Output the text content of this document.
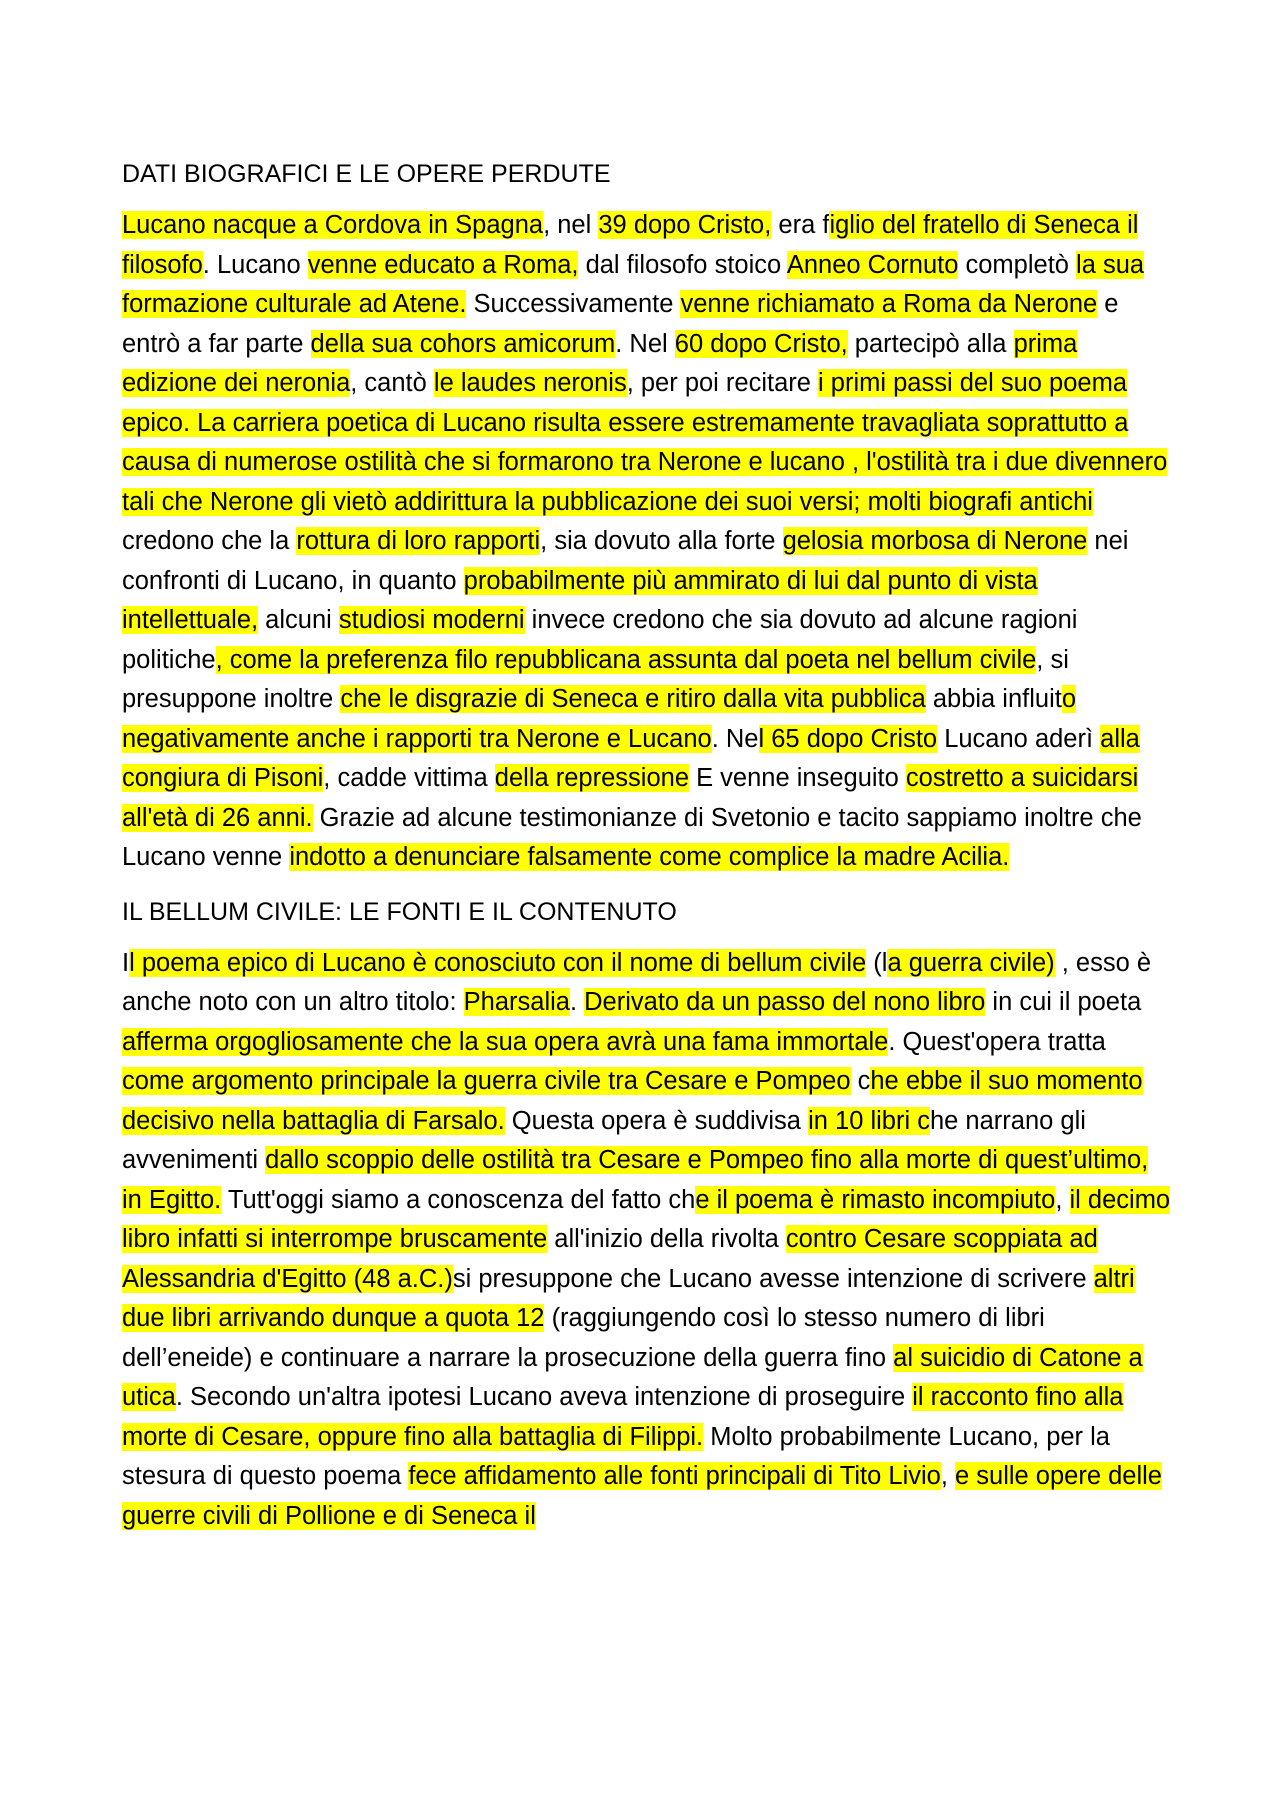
DATI BIOGRAFICI E LE OPERE PERDUTE

Lucano nacque a Cordova in Spagna, nel 39 dopo Cristo, era figlio del fratello di Seneca il filosofo. Lucano venne educato a Roma, dal filosofo stoico Anneo Cornuto completò la sua formazione culturale ad Atene. Successivamente venne richiamato a Roma da Nerone e entrò a far parte della sua cohors amicorum. Nel 60 dopo Cristo, partecipò alla prima edizione dei neronia, cantò le laudes neronis, per poi recitare i primi passi del suo poema epico. La carriera poetica di Lucano risulta essere estremamente travagliata soprattutto a causa di numerose ostilità che si formarono tra Nerone e lucano , l'ostilità tra i due divennero tali che Nerone gli vietò addirittura la pubblicazione dei suoi versi; molti biografi antichi credono che la rottura di loro rapporti, sia dovuto alla forte gelosia morbosa di Nerone nei confronti di Lucano, in quanto probabilmente più ammirato di lui dal punto di vista intellettuale, alcuni studiosi moderni invece credono che sia dovuto ad alcune ragioni politiche, come la preferenza filo repubblicana assunta dal poeta nel bellum civile, si presuppone inoltre che le disgrazie di Seneca e ritiro dalla vita pubblica abbia influito negativamente anche i rapporti tra Nerone e Lucano. Nel 65 dopo Cristo Lucano aderì alla congiura di Pisoni, cadde vittima della repressione E venne inseguito costretto a suicidarsi all'età di 26 anni. Grazie ad alcune testimonianze di Svetonio e tacito sappiamo inoltre che Lucano venne indotto a denunciare falsamente come complice la madre Acilia.

IL BELLUM CIVILE: LE FONTI E IL CONTENUTO

Il poema epico di Lucano è conosciuto con il nome di bellum civile (la guerra civile) , esso è anche noto con un altro titolo: Pharsalia. Derivato da un passo del nono libro in cui il poeta afferma orgogliosamente che la sua opera avrà una fama immortale. Quest'opera tratta come argomento principale la guerra civile tra Cesare e Pompeo che ebbe il suo momento decisivo nella battaglia di Farsalo. Questa opera è suddivisa in 10 libri che narrano gli avvenimenti dallo scoppio delle ostilità tra Cesare e Pompeo fino alla morte di quest’ultimo, in Egitto. Tutt'oggi siamo a conoscenza del fatto che il poema è rimasto incompiuto, il decimo libro infatti si interrompe bruscamente all'inizio della rivolta contro Cesare scoppiata ad Alessandria d'Egitto (48 a.C.)si presuppone che Lucano avesse intenzione di scrivere altri due libri arrivando dunque a quota 12 (raggiungendo così lo stesso numero di libri dell’eneide) e continuare a narrare la prosecuzione della guerra fino al suicidio di Catone a utica. Secondo un'altra ipotesi Lucano aveva intenzione di proseguire il racconto fino alla morte di Cesare, oppure fino alla battaglia di Filippi. Molto probabilmente Lucano, per la stesura di questo poema fece affidamento alle fonti principali di Tito Livio, e sulle opere delle guerre civili di Pollione e di Seneca il
